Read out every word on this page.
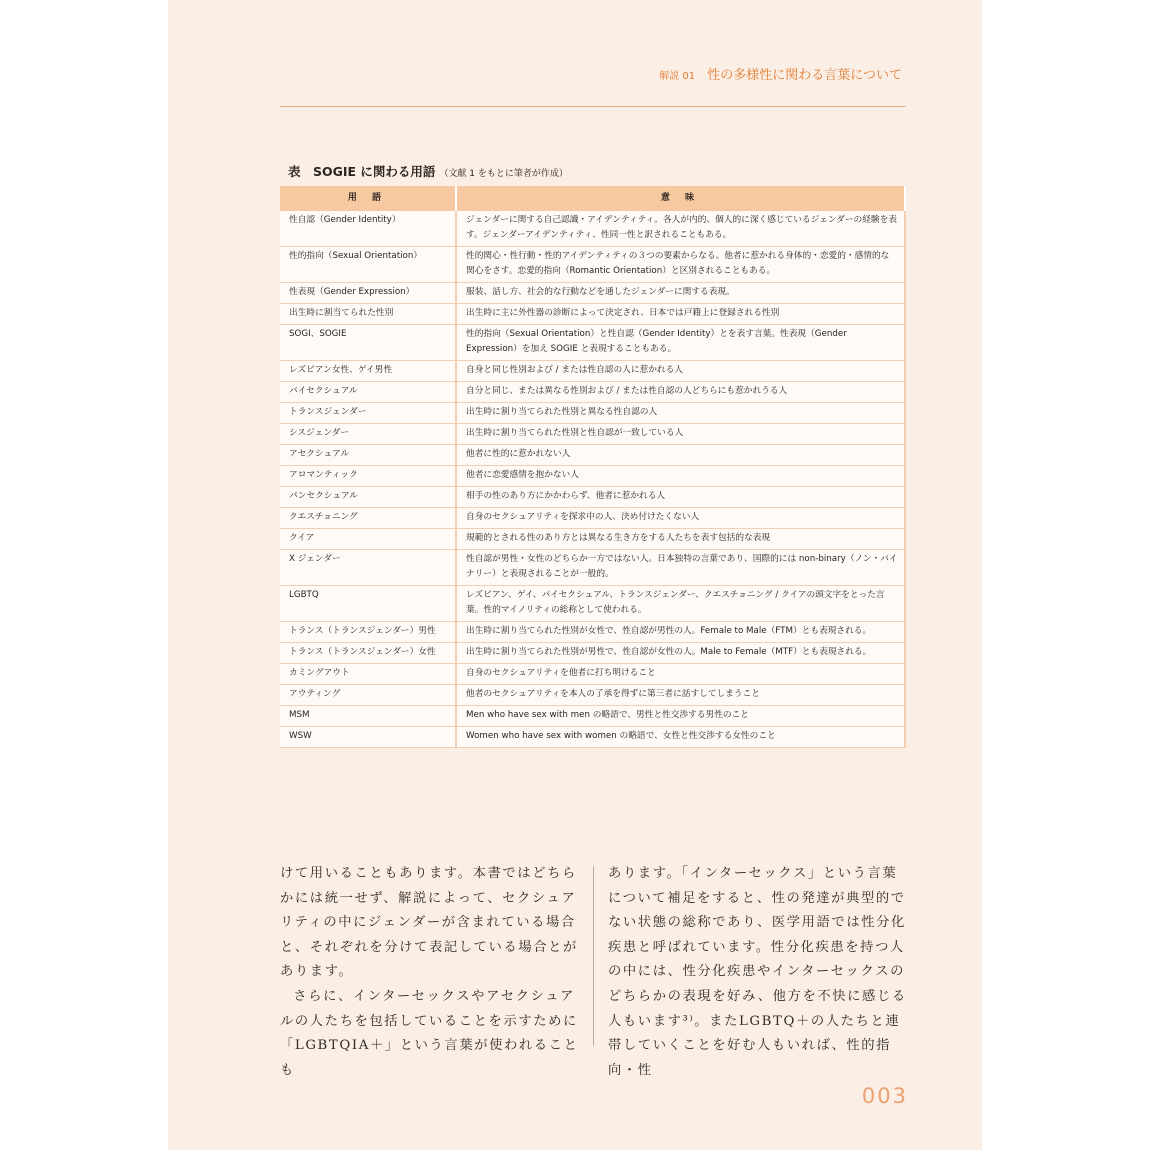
解説 01 性の多様性に関わる言葉について
表　SOGIE に関わる用語 （文献 1 をもとに筆者が作成）
用 語	意 味
性自認（Gender Identity）	ジェンダーに関する自己認識・アイデンティティ。各人が内的、個人的に深く感じているジェンダーの経験を表す。ジェンダーアイデンティティ、性同一性と訳されることもある。
性的指向（Sexual Orientation）	性的関心・性行動・性的アイデンティティの３つの要素からなる。他者に惹かれる身体的・恋愛的・感情的な関心をさす。恋愛的指向（Romantic Orientation）と区別されることもある。
性表現（Gender Expression）	服装、話し方、社会的な行動などを通したジェンダーに関する表現。
出生時に割当てられた性別	出生時に主に外性器の診断によって決定され、日本では戸籍上に登録される性別
SOGI、SOGIE	性的指向（Sexual Orientation）と性自認（Gender Identity）とを表す言葉。性表現（Gender Expression）を加え SOGIE と表現することもある。
レズビアン女性、ゲイ男性	自身と同じ性別および / または性自認の人に惹かれる人
バイセクシュアル	自分と同じ、または異なる性別および / または性自認の人どちらにも惹かれうる人
トランスジェンダー	出生時に割り当てられた性別と異なる性自認の人
シスジェンダー	出生時に割り当てられた性別と性自認が一致している人
アセクシュアル	他者に性的に惹かれない人
アロマンティック	他者に恋愛感情を抱かない人
パンセクシュアル	相手の性のあり方にかかわらず、他者に惹かれる人
クエスチョニング	自身のセクシュアリティを探求中の人、決め付けたくない人
クイア	規範的とされる性のあり方とは異なる生き方をする人たちを表す包括的な表現
X ジェンダー	性自認が男性・女性のどちらか一方ではない人。日本独特の言葉であり、国際的には non-binary（ノン・バイナリー）と表現されることが一般的。
LGBTQ	レズビアン、ゲイ、バイセクシュアル、トランスジェンダー、クエスチョニング / クイアの頭文字をとった言葉。性的マイノリティの総称として使われる。
トランス（トランスジェンダー）男性	出生時に割り当てられた性別が女性で、性自認が男性の人。Female to Male（FTM）とも表現される。
トランス（トランスジェンダー）女性	出生時に割り当てられた性別が男性で、性自認が女性の人。Male to Female（MTF）とも表現される。
カミングアウト	自身のセクシュアリティを他者に打ち明けること
アウティング	他者のセクシュアリティを本人の了承を得ずに第三者に話すしてしまうこと
MSM	Men who have sex with men の略語で、男性と性交渉する男性のこと
WSW	Women who have sex with women の略語で、女性と性交渉する女性のこと

けて用いることもあります。本書ではどちらかには統一せず、解説によって、セクシュアリティの中にジェンダーが含まれている場合と、それぞれを分けて表記している場合とがあります。

さらに、インターセックスやアセクシュアルの人たちを包括していることを示すために「LGBTQIA＋」という言葉が使われることも

あります。「インターセックス」という言葉について補足をすると、性の発達が典型的でない状態の総称であり、医学用語では性分化疾患と呼ばれています。性分化疾患を持つ人の中には、性分化疾患やインターセックスのどちらかの表現を好み、他方を不快に感じる人もいます³⁾。またLGBTQ＋の人たちと連帯していくことを好む人もいれば、性的指向・性

003
